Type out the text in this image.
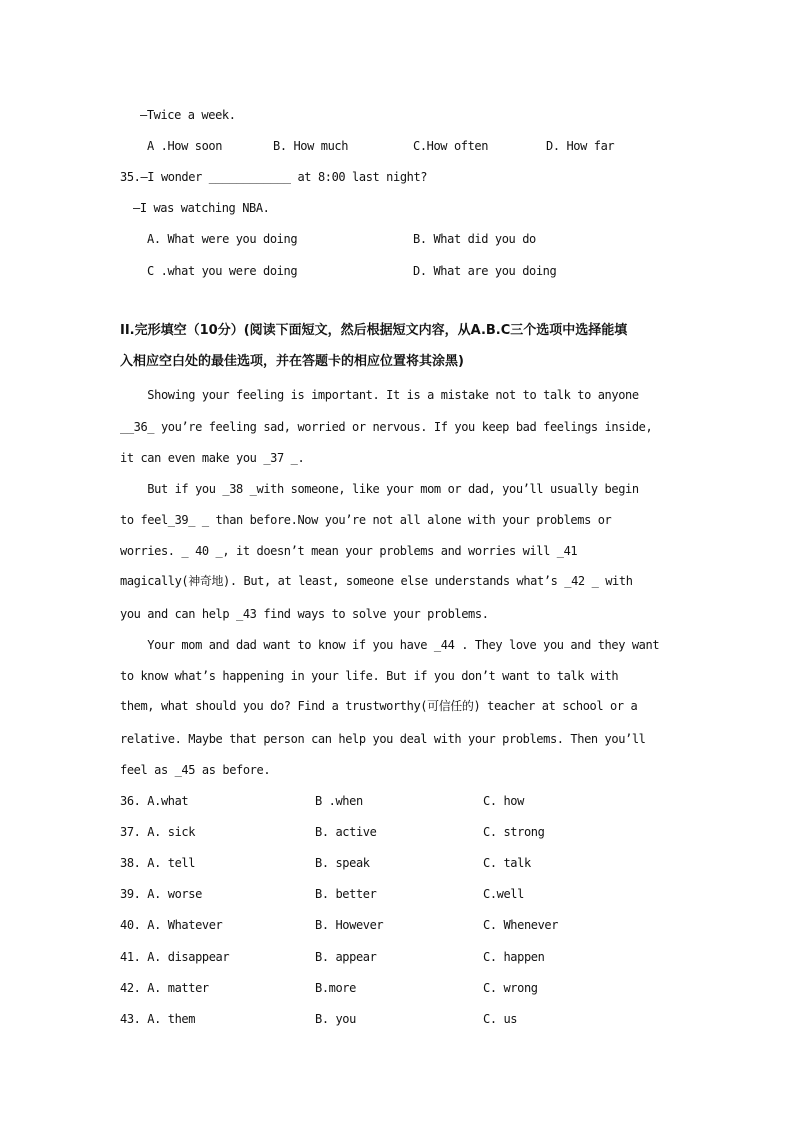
—Twice a week.
A .How soon	B. How much	C.How often	D. How far
35.—I wonder ____________ at 8:00 last night?
—I was watching NBA.
A. What were you doing	B. What did you do
C .what you were doing	D. What are you doing
II.完形填空（10分）(阅读下面短文，然后根据短文内容，从A.B.C三个选项中选择能填
入相应空白处的最佳选项，并在答题卡的相应位置将其涂黑)
Showing your feeling is important. It is a mistake not to talk to anyone
__36_ you’re feeling sad, worried or nervous. If you keep bad feelings inside,
it can even make you _37 _.
But if you _38 _with someone, like your mom or dad, you’ll usually begin
to feel_39_ _ than before.Now you’re not all alone with your problems or
worries. _ 40 _, it doesn’t mean your problems and worries will _41
magically(神奇地). But, at least, someone else understands what’s _42 _ with
you and can help _43 find ways to solve your problems.
Your mom and dad want to know if you have _44 . They love you and they want
to know what’s happening in your life. But if you don’t want to talk with
them, what should you do? Find a trustworthy(可信任的) teacher at school or a
relative. Maybe that person can help you deal with your problems. Then you’ll
feel as _45 as before.
36. A.what	B .when	C. how
37. A. sick	B. active	C. strong
38. A. tell	B. speak	C. talk
39. A. worse	B. better	C.well
40. A. Whatever	B. However	C. Whenever
41. A. disappear	B. appear	C. happen
42. A. matter	B.more	C. wrong
43. A. them	B. you	C. us
